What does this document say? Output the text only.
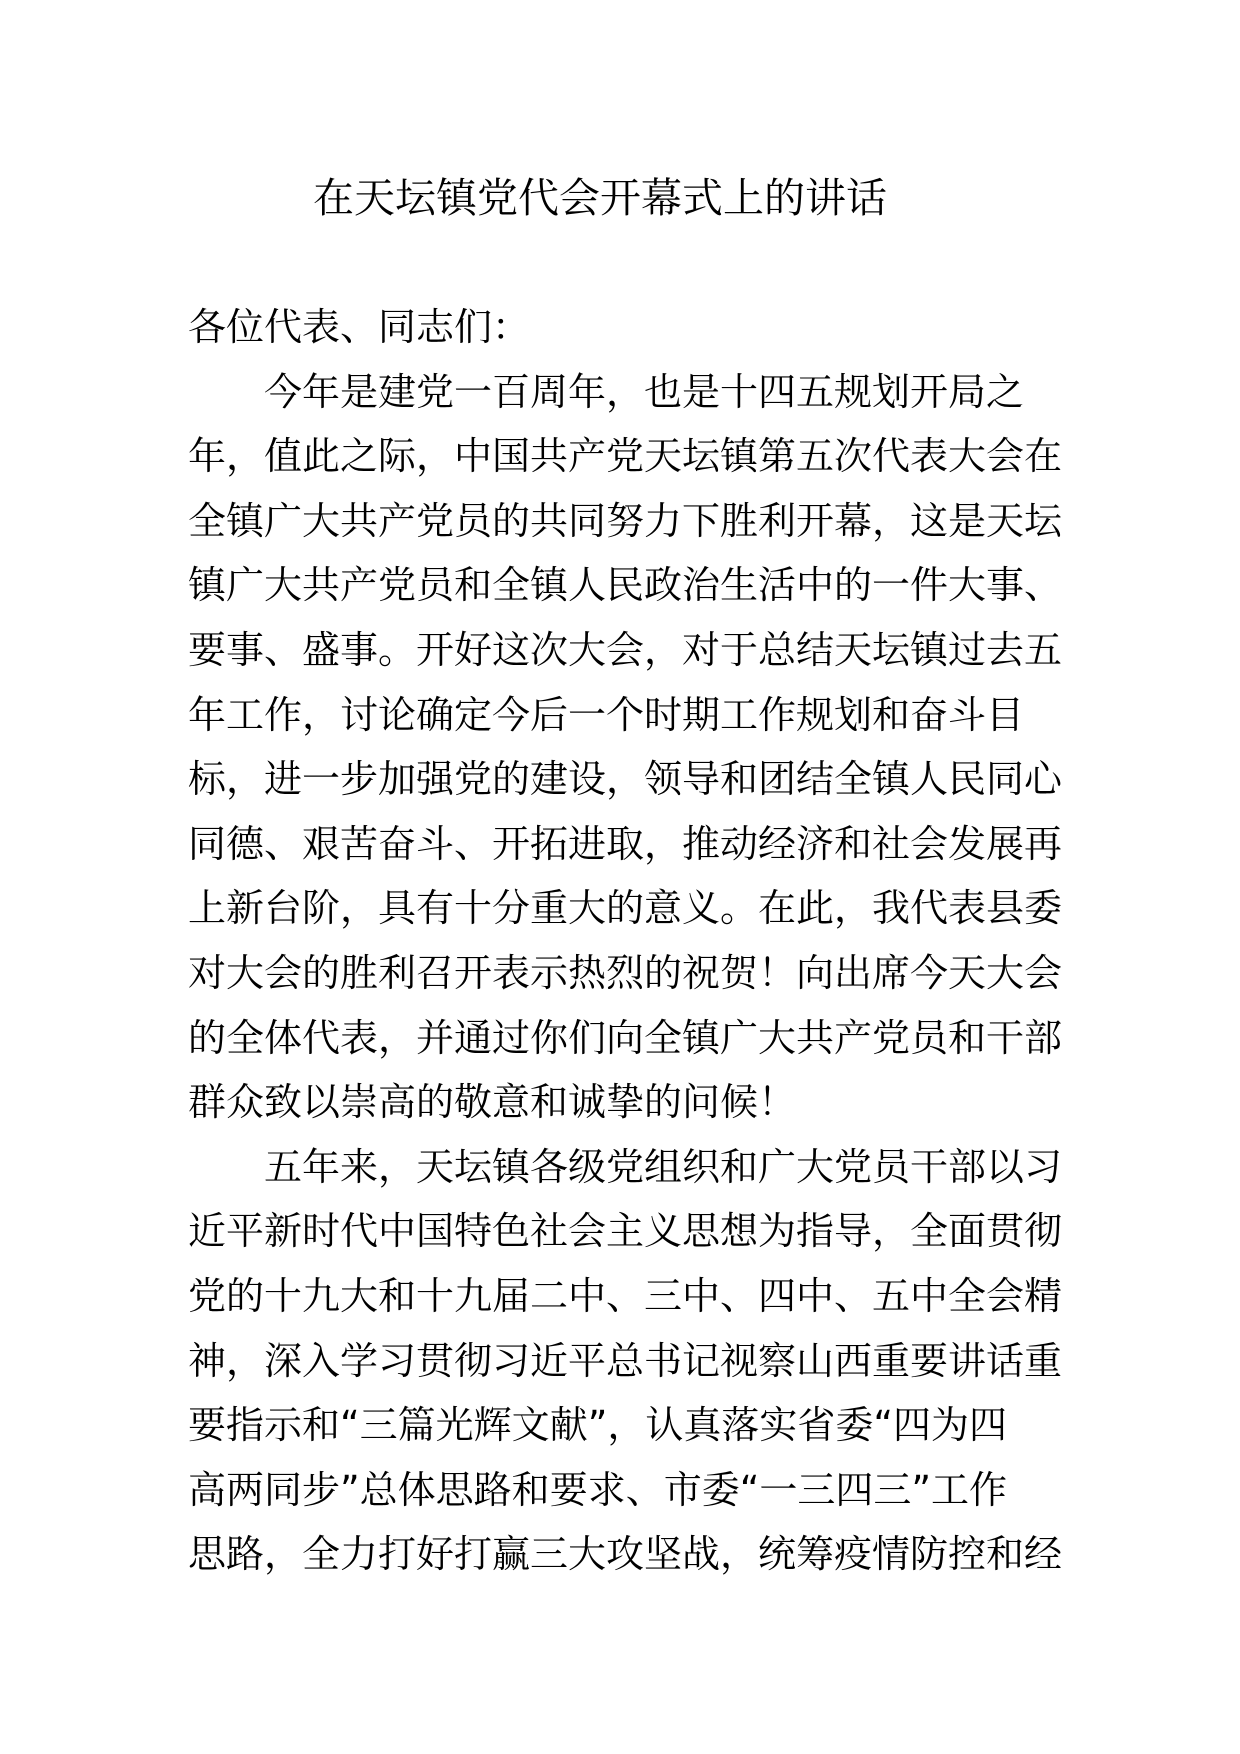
在天坛镇党代会开幕式上的讲话
各位代表、同志们：
今年是建党一百周年，也是十四五规划开局之
年，值此之际，中国共产党天坛镇第五次代表大会在
全镇广大共产党员的共同努力下胜利开幕，这是天坛
镇广大共产党员和全镇人民政治生活中的一件大事、
要事、盛事。开好这次大会，对于总结天坛镇过去五
年工作，讨论确定今后一个时期工作规划和奋斗目
标，进一步加强党的建设，领导和团结全镇人民同心
同德、艰苦奋斗、开拓进取，推动经济和社会发展再
上新台阶，具有十分重大的意义。在此，我代表县委
对大会的胜利召开表示热烈的祝贺！向出席今天大会
的全体代表，并通过你们向全镇广大共产党员和干部
群众致以崇高的敬意和诚挚的问候！
五年来，天坛镇各级党组织和广大党员干部以习
近平新时代中国特色社会主义思想为指导，全面贯彻
党的十九大和十九届二中、三中、四中、五中全会精
神，深入学习贯彻习近平总书记视察山西重要讲话重
要指示和“三篇光辉文献”，认真落实省委“四为四
高两同步”总体思路和要求、市委“一三四三”工作
思路，全力打好打赢三大攻坚战，统筹疫情防控和经
